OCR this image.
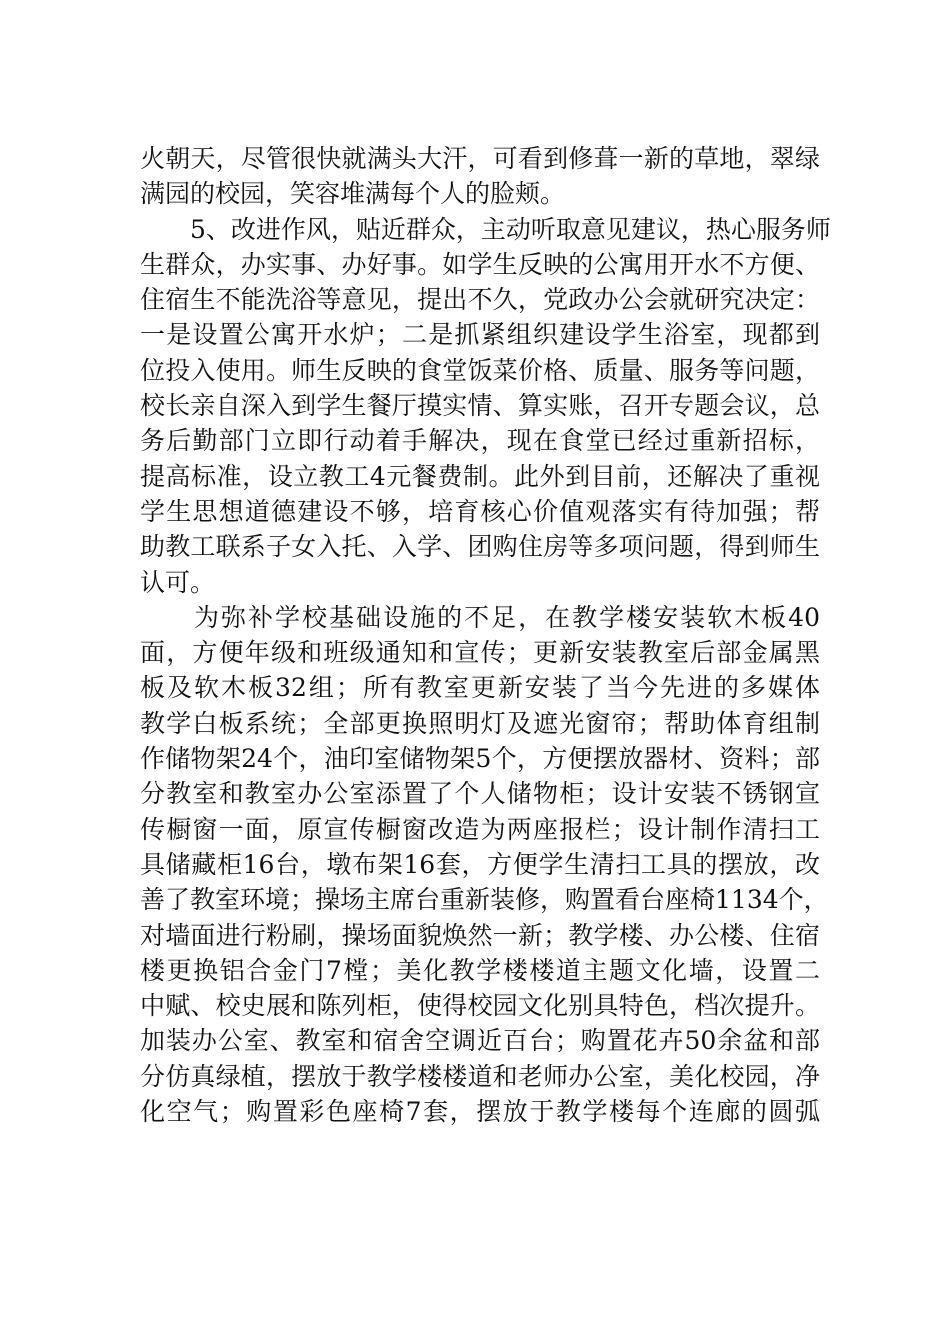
火朝天，尽管很快就满头大汗，可看到修葺一新的草地，翠绿
满园的校园，笑容堆满每个人的脸颊。
　　5、改进作风，贴近群众，主动听取意见建议，热心服务师
生群众，办实事、办好事。如学生反映的公寓用开水不方便、
住宿生不能洗浴等意见，提出不久，党政办公会就研究决定：
一是设置公寓开水炉；二是抓紧组织建设学生浴室，现都到
位投入使用。师生反映的食堂饭菜价格、质量、服务等问题，
校长亲自深入到学生餐厅摸实情、算实账，召开专题会议，总
务后勤部门立即行动着手解决，现在食堂已经过重新招标，
提高标准，设立教工4元餐费制。此外到目前，还解决了重视
学生思想道德建设不够，培育核心价值观落实有待加强；帮
助教工联系子女入托、入学、团购住房等多项问题，得到师生
认可。
　　为弥补学校基础设施的不足，在教学楼安装软木板40
面，方便年级和班级通知和宣传；更新安装教室后部金属黑
板及软木板32组；所有教室更新安装了当今先进的多媒体
教学白板系统；全部更换照明灯及遮光窗帘；帮助体育组制
作储物架24个，油印室储物架5个，方便摆放器材、资料；部
分教室和教室办公室添置了个人储物柜；设计安装不锈钢宣
传橱窗一面，原宣传橱窗改造为两座报栏；设计制作清扫工
具储藏柜16台，墩布架16套，方便学生清扫工具的摆放，改
善了教室环境；操场主席台重新装修，购置看台座椅1134个，
对墙面进行粉刷，操场面貌焕然一新；教学楼、办公楼、住宿
楼更换铝合金门7樘；美化教学楼楼道主题文化墙，设置二
中赋、校史展和陈列柜，使得校园文化别具特色，档次提升。
加装办公室、教室和宿舍空调近百台；购置花卉50余盆和部
分仿真绿植，摆放于教学楼楼道和老师办公室，美化校园，净
化空气；购置彩色座椅7套，摆放于教学楼每个连廊的圆弧
